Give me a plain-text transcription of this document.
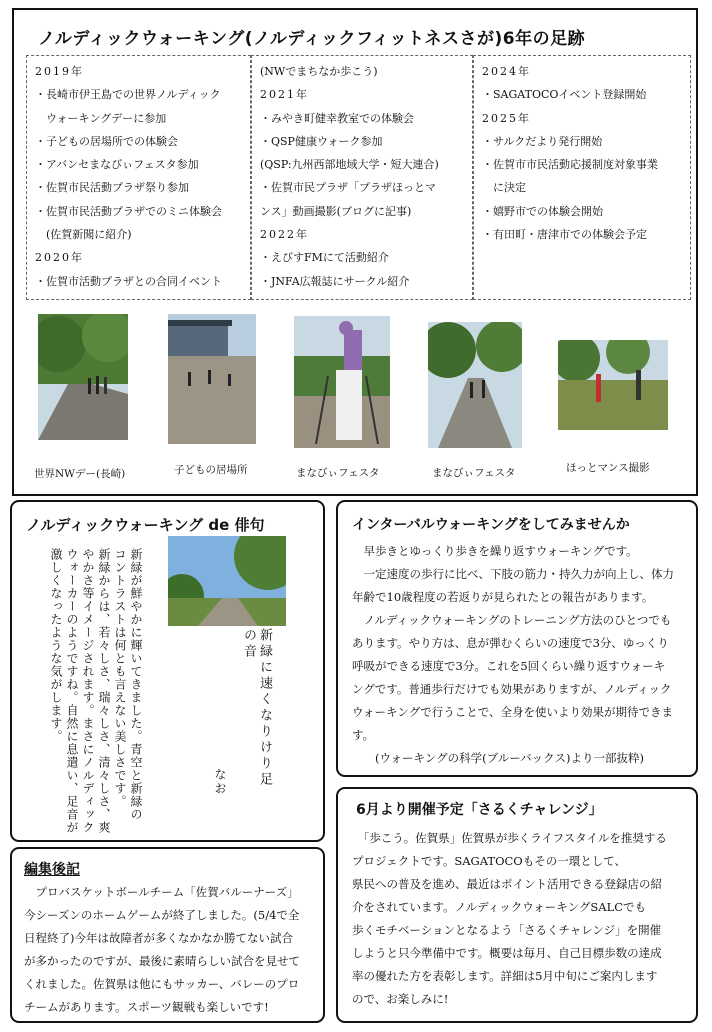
ノルディックウォーキング(ノルディックフィットネスさが)6年の足跡
2019年
・長崎市伊王島での世界ノルディック
　ウォーキングデーに参加
・子どもの居場所での体験会
・アバンセまなびぃフェスタ参加
・佐賀市民活動プラザ祭り参加
・佐賀市民活動プラザでのミニ体験会
　(佐賀新聞に紹介)
2020年
・佐賀市活動プラザとの合同イベント
(NWでまちなか歩こう)
2021年
・みやき町健幸教室での体験会
・QSP健康ウォーク参加
(QSP:九州西部地域大学・短大連合)
・佐賀市民プラザ「プラザほっとマ
ンス」動画撮影(ブログに記事)
2022年
・えびすFMにて活動紹介
・JNFA広報誌にサークル紹介
2024年
・SAGATOCOイベント登録開始
2025年
・サルクだより発行開始
・佐賀市市民活動応援制度対象事業
　に決定
・嬉野市での体験会開始
・有田町・唐津市での体験会予定
世界NWデー(長崎)	子どもの居場所	まなびぃフェスタ	まなびぃフェスタ	ほっとマンス撮影
ノルディックウォーキング de 俳句
新緑が鮮やかに輝いてきました。青空と新緑の
コントラストは何とも言えない美しさです。
新緑からは、若々しさ、瑞々しさ、清々しさ、爽
やかさ等イメージされます。まさにノルディック
ウォーカーのようですね。自然に息遣い、足音が
激しくなったような気がします。	新緑に速くなりけり足の音
なお
インターバルウォーキングをしてみませんか
　早歩きとゆっくり歩きを繰り返すウォーキングです。
　一定速度の歩行に比べ、下肢の筋力・持久力が向上し、体力
年齢で10歳程度の若返りが見られたとの報告があります。
　ノルディックウォーキングのトレーニング方法のひとつでも
あります。やり方は、息が弾むくらいの速度で3分、ゆっくり
呼吸ができる速度で3分。これを5回くらい繰り返すウォーキ
ングです。普通歩行だけでも効果がありますが、ノルディック
ウォーキングで行うことで、全身を使いより効果が期待できま
す。
　　(ウォーキングの科学(ブルーバックス)より一部抜粋)
6月より開催予定「さるくチャレンジ」
　「歩こう。佐賀県」佐賀県が歩くライフスタイルを推奨する
プロジェクトです。SAGATOCOもその一環として、
県民への普及を進め、最近はポイント活用できる登録店の紹
介をされています。ノルディックウォーキングSALCでも
歩くモチベーションとなるよう「さるくチャレンジ」を開催
しようと只今準備中です。概要は毎月、自己目標歩数の達成
率の優れた方を表彰します。詳細は5月中旬にご案内します
ので、お楽しみに!
編集後記
　プロバスケットボールチーム「佐賀バルーナーズ」
今シーズンのホームゲームが終了しました。(5/4で全
日程終了)今年は故障者が多くなかなか勝てない試合
が多かったのですが、最後に素晴らしい試合を見せて
くれました。佐賀県は他にもサッカー、バレーのプロ
チームがあります。スポーツ観戦も楽しいです!
